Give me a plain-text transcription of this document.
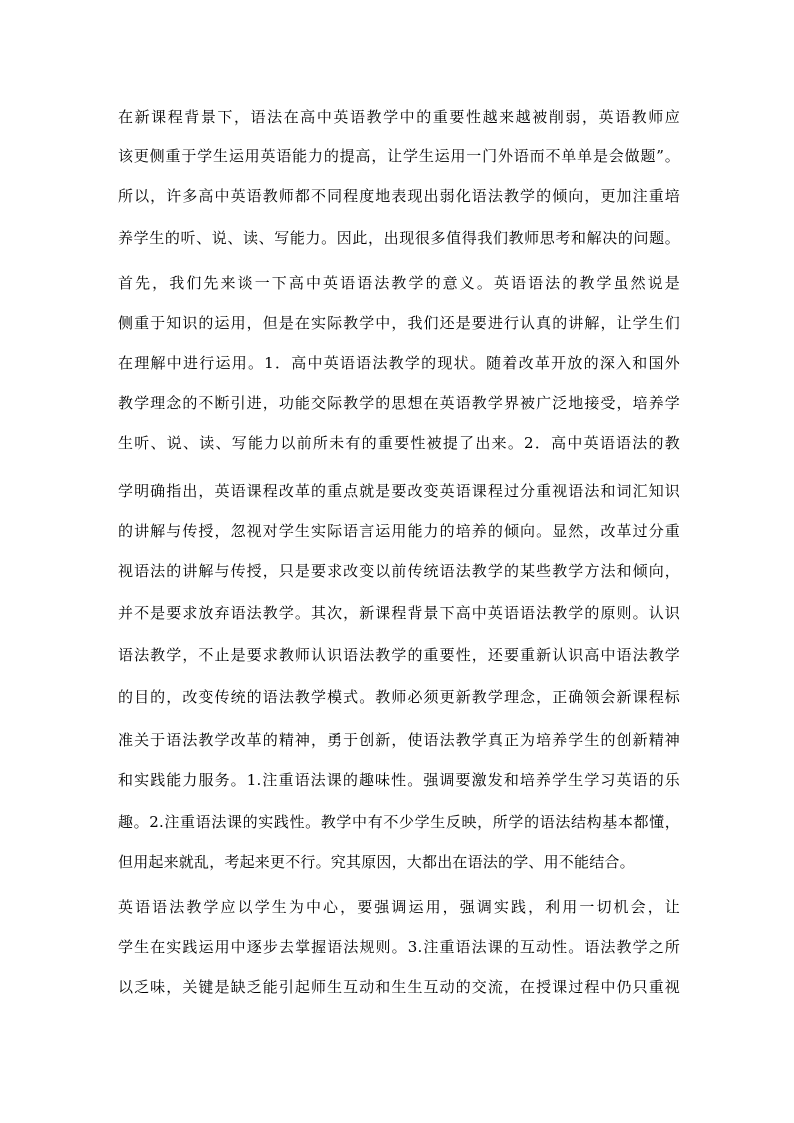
在新课程背景下，语法在高中英语教学中的重要性越来越被削弱，英语教师应
该更侧重于学生运用英语能力的提高，让学生运用一门外语而不单单是会做题”。
所以，许多高中英语教师都不同程度地表现出弱化语法教学的倾向，更加注重培
养学生的听、说、读、写能力。因此，出现很多值得我们教师思考和解决的问题。
首先，我们先来谈一下高中英语语法教学的意义。英语语法的教学虽然说是
侧重于知识的运用，但是在实际教学中，我们还是要进行认真的讲解，让学生们
在理解中进行运用。1．高中英语语法教学的现状。随着改革开放的深入和国外
教学理念的不断引进，功能交际教学的思想在英语教学界被广泛地接受，培养学
生听、说、读、写能力以前所未有的重要性被提了出来。2．高中英语语法的教
学明确指出，英语课程改革的重点就是要改变英语课程过分重视语法和词汇知识
的讲解与传授，忽视对学生实际语言运用能力的培养的倾向。显然，改革过分重
视语法的讲解与传授，只是要求改变以前传统语法教学的某些教学方法和倾向，
并不是要求放弃语法教学。其次，新课程背景下高中英语语法教学的原则。认识
语法教学，不止是要求教师认识语法教学的重要性，还要重新认识高中语法教学
的目的，改变传统的语法教学模式。教师必须更新教学理念，正确领会新课程标
准关于语法教学改革的精神，勇于创新，使语法教学真正为培养学生的创新精神
和实践能力服务。1.注重语法课的趣味性。强调要激发和培养学生学习英语的乐
趣。2.注重语法课的实践性。教学中有不少学生反映，所学的语法结构基本都懂，
但用起来就乱，考起来更不行。究其原因，大都出在语法的学、用不能结合。
英语语法教学应以学生为中心，要强调运用，强调实践，利用一切机会，让
学生在实践运用中逐步去掌握语法规则。3.注重语法课的互动性。语法教学之所
以乏味，关键是缺乏能引起师生互动和生生互动的交流，在授课过程中仍只重视
